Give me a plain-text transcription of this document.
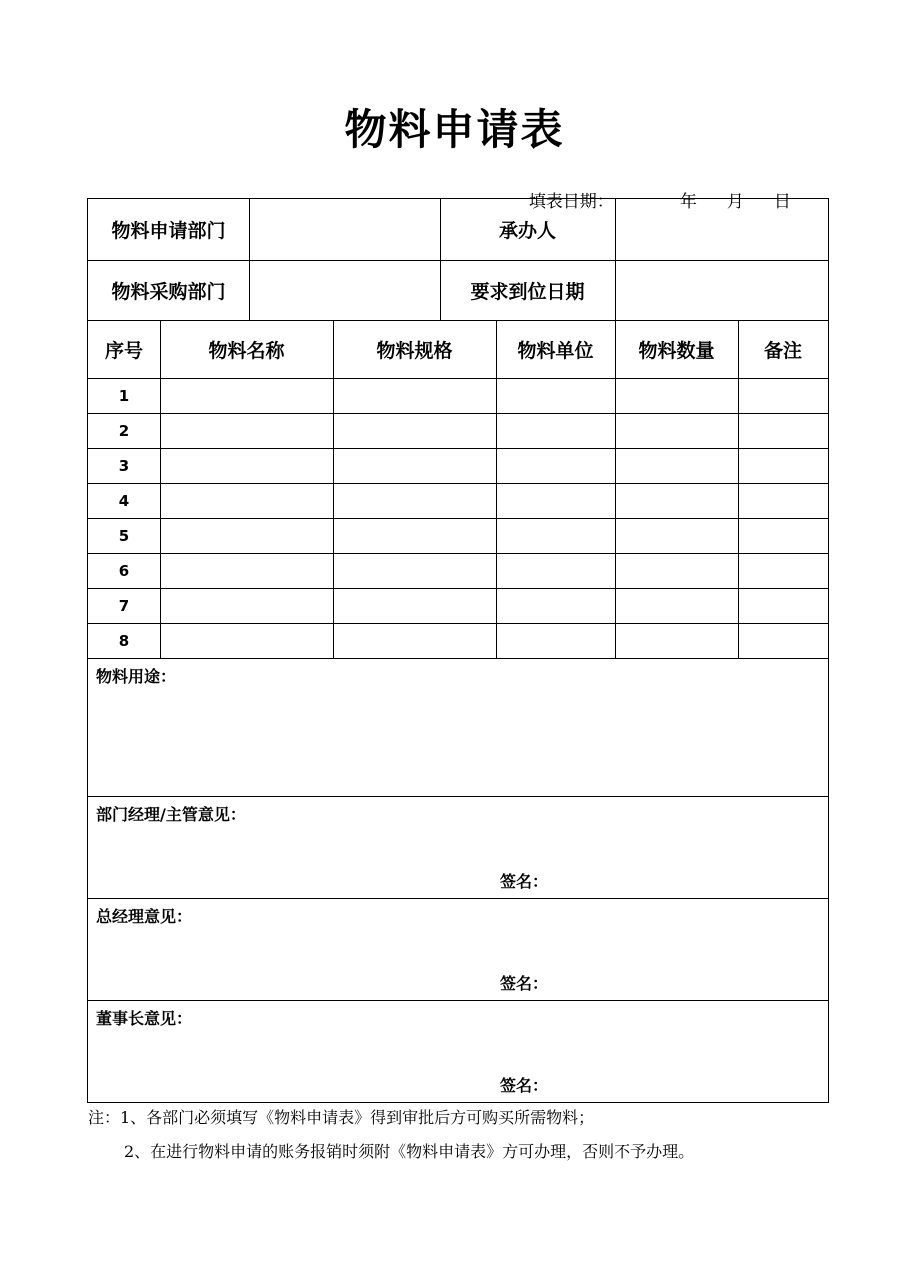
物料申请表

填表日期：	年 月 日

物料申请部门	承办人
物料采购部门	要求到位日期
序号	物料名称	物料规格	物料单位	物料数量	备注
1
2
3
4
5
6
7
8
物料用途：
部门经理/主管意见：
签名：
总经理意见：
签名：
董事长意见：
签名：
注：1、各部门必须填写《物料申请表》得到审批后方可购买所需物料；
2、在进行物料申请的账务报销时须附《物料申请表》方可办理，否则不予办理。
